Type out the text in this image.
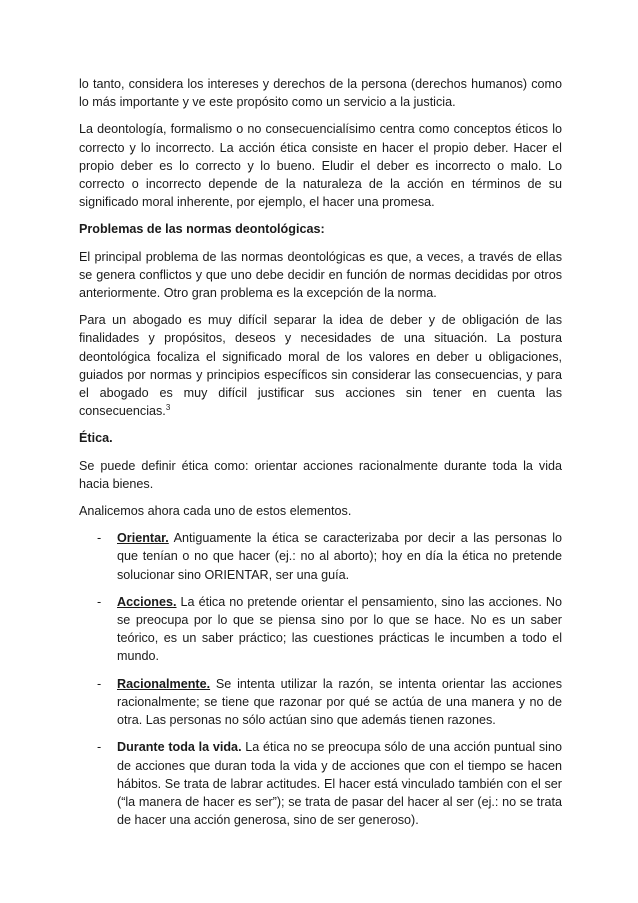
lo tanto, considera los intereses y derechos de la persona (derechos humanos) como lo más importante y ve este propósito como un servicio a la justicia.

La deontología, formalismo o no consecuencialísimo centra como conceptos éticos lo correcto y lo incorrecto. La acción ética consiste en hacer el propio deber. Hacer el propio deber es lo correcto y lo bueno. Eludir el deber es incorrecto o malo. Lo correcto o incorrecto depende de la naturaleza de la acción en términos de su significado moral inherente, por ejemplo, el hacer una promesa.

Problemas de las normas deontológicas:

El principal problema de las normas deontológicas es que, a veces, a través de ellas se genera conflictos y que uno debe decidir en función de normas decididas por otros anteriormente. Otro gran problema es la excepción de la norma.

Para un abogado es muy difícil separar la idea de deber y de obligación de las finalidades y propósitos, deseos y necesidades de una situación. La postura deontológica focaliza el significado moral de los valores en deber u obligaciones, guiados por normas y principios específicos sin considerar las consecuencias, y para el abogado es muy difícil justificar sus acciones sin tener en cuenta las consecuencias.$^3$

Ética.

Se puede definir ética como: orientar acciones racionalmente durante toda la vida hacia bienes.

Analicemos ahora cada uno de estos elementos.

- Orientar. Antiguamente la ética se caracterizaba por decir a las personas lo que tenían o no que hacer (ej.: no al aborto); hoy en día la ética no pretende solucionar sino ORIENTAR, ser una guía.
- Acciones. La ética no pretende orientar el pensamiento, sino las acciones. No se preocupa por lo que se piensa sino por lo que se hace. No es un saber teórico, es un saber práctico; las cuestiones prácticas le incumben a todo el mundo.
- Racionalmente. Se intenta utilizar la razón, se intenta orientar las acciones racionalmente; se tiene que razonar por qué se actúa de una manera y no de otra. Las personas no sólo actúan sino que además tienen razones.
- Durante toda la vida. La ética no se preocupa sólo de una acción puntual sino de acciones que duran toda la vida y de acciones que con el tiempo se hacen hábitos. Se trata de labrar actitudes. El hacer está vinculado también con el ser (“la manera de hacer es ser”); se trata de pasar del hacer al ser (ej.: no se trata de hacer una acción generosa, sino de ser generoso).
